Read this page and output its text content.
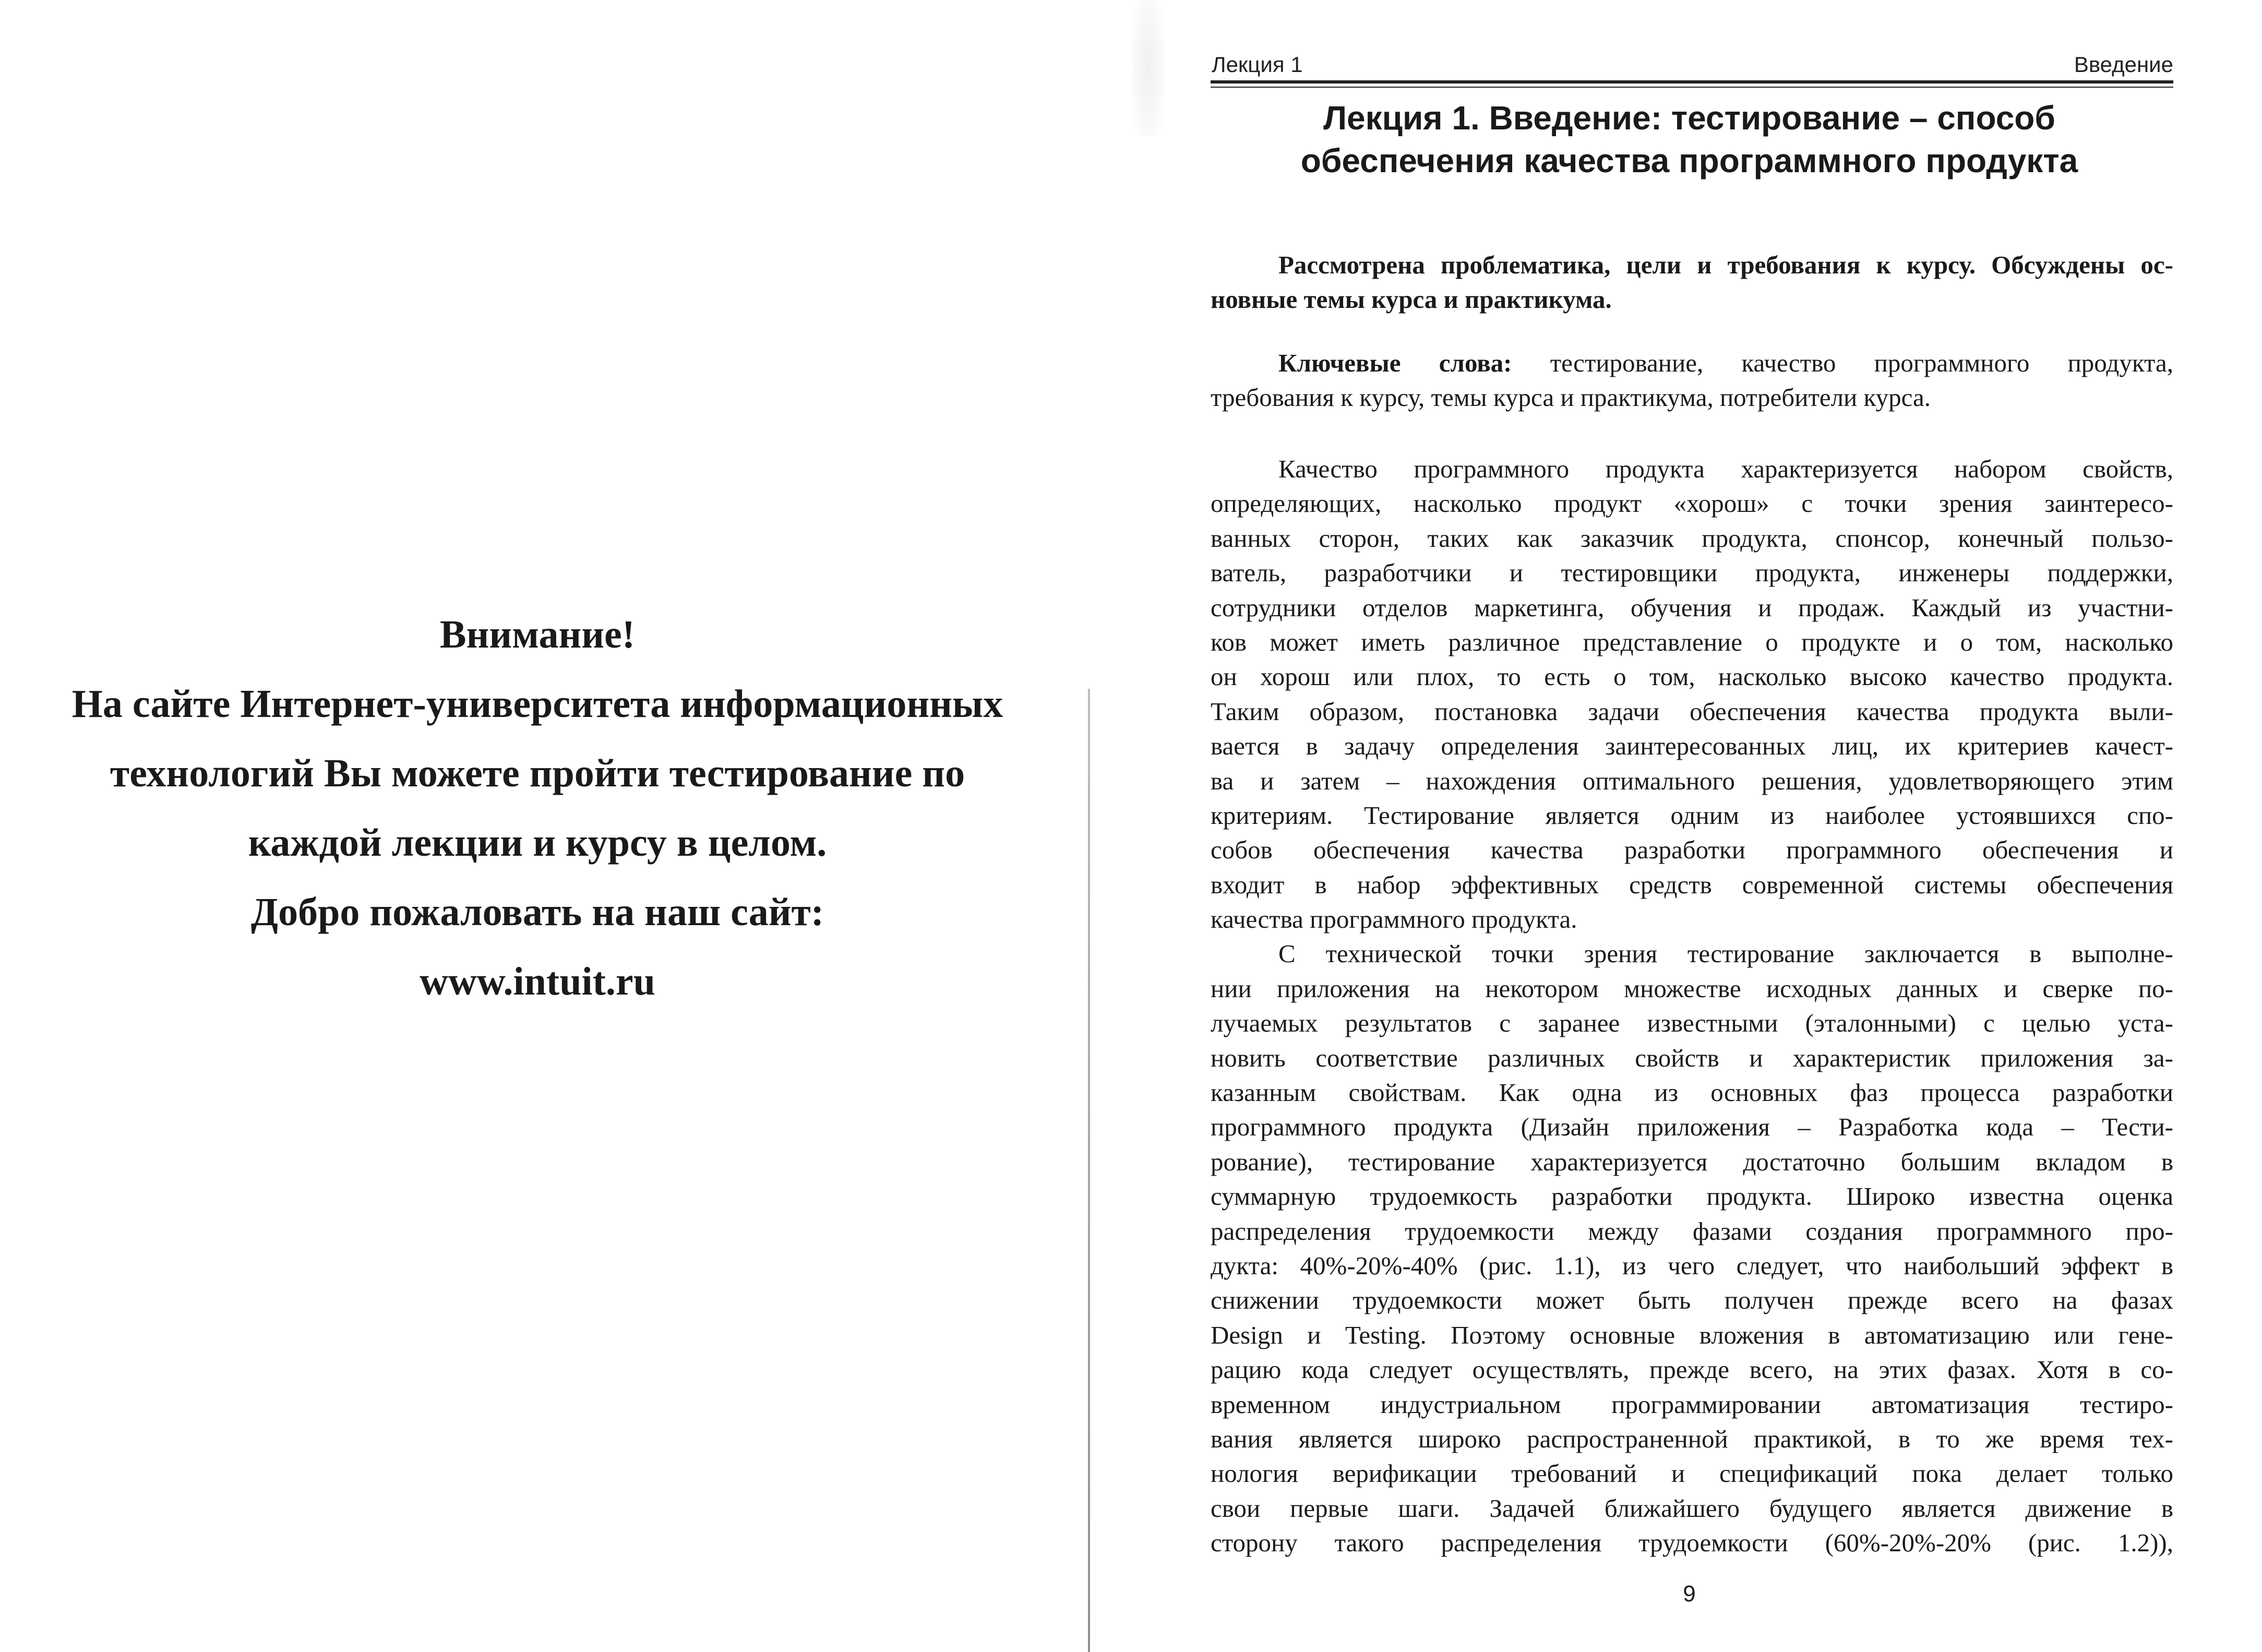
Внимание!
На сайте Интернет-университета информационных
технологий Вы можете пройти тестирование по
каждой лекции и курсу в целом.
Добро пожаловать на наш сайт:
www.intuit.ru
Лекция 1	Введение
Лекция 1. Введение: тестирование – способ
обеспечения качества программного продукта
Рассмотрена проблематика, цели и требования к курсу. Обсуждены ос-
новные темы курса и практикума.
Ключевые слова: тестирование, качество программного продукта,
требования к курсу, темы курса и практикума, потребители курса.
Качество программного продукта характеризуется набором свойств,
определяющих, насколько продукт «хорош» с точки зрения заинтересо-
ванных сторон, таких как заказчик продукта, спонсор, конечный пользо-
ватель, разработчики и тестировщики продукта, инженеры поддержки,
сотрудники отделов маркетинга, обучения и продаж. Каждый из участни-
ков может иметь различное представление о продукте и о том, насколько
он хорош или плох, то есть о том, насколько высоко качество продукта.
Таким образом, постановка задачи обеспечения качества продукта выли-
вается в задачу определения заинтересованных лиц, их критериев качест-
ва и затем – нахождения оптимального решения, удовлетворяющего этим
критериям. Тестирование является одним из наиболее устоявшихся спо-
собов обеспечения качества разработки программного обеспечения и
входит в набор эффективных средств современной системы обеспечения
качества программного продукта.
С технической точки зрения тестирование заключается в выполне-
нии приложения на некотором множестве исходных данных и сверке по-
лучаемых результатов с заранее известными (эталонными) с целью уста-
новить соответствие различных свойств и характеристик приложения за-
казанным свойствам. Как одна из основных фаз процесса разработки
программного продукта (Дизайн приложения – Разработка кода – Тести-
рование), тестирование характеризуется достаточно большим вкладом в
суммарную трудоемкость разработки продукта. Широко известна оценка
распределения трудоемкости между фазами создания программного про-
дукта: 40%-20%-40% (рис. 1.1), из чего следует, что наибольший эффект в
снижении трудоемкости может быть получен прежде всего на фазах
Design и Testing. Поэтому основные вложения в автоматизацию или гене-
рацию кода следует осуществлять, прежде всего, на этих фазах. Хотя в со-
временном индустриальном программировании автоматизация тестиро-
вания является широко распространенной практикой, в то же время тех-
нология верификации требований и спецификаций пока делает только
свои первые шаги. Задачей ближайшего будущего является движение в
сторону такого распределения трудоемкости (60%-20%-20% (рис. 1.2)),
9
